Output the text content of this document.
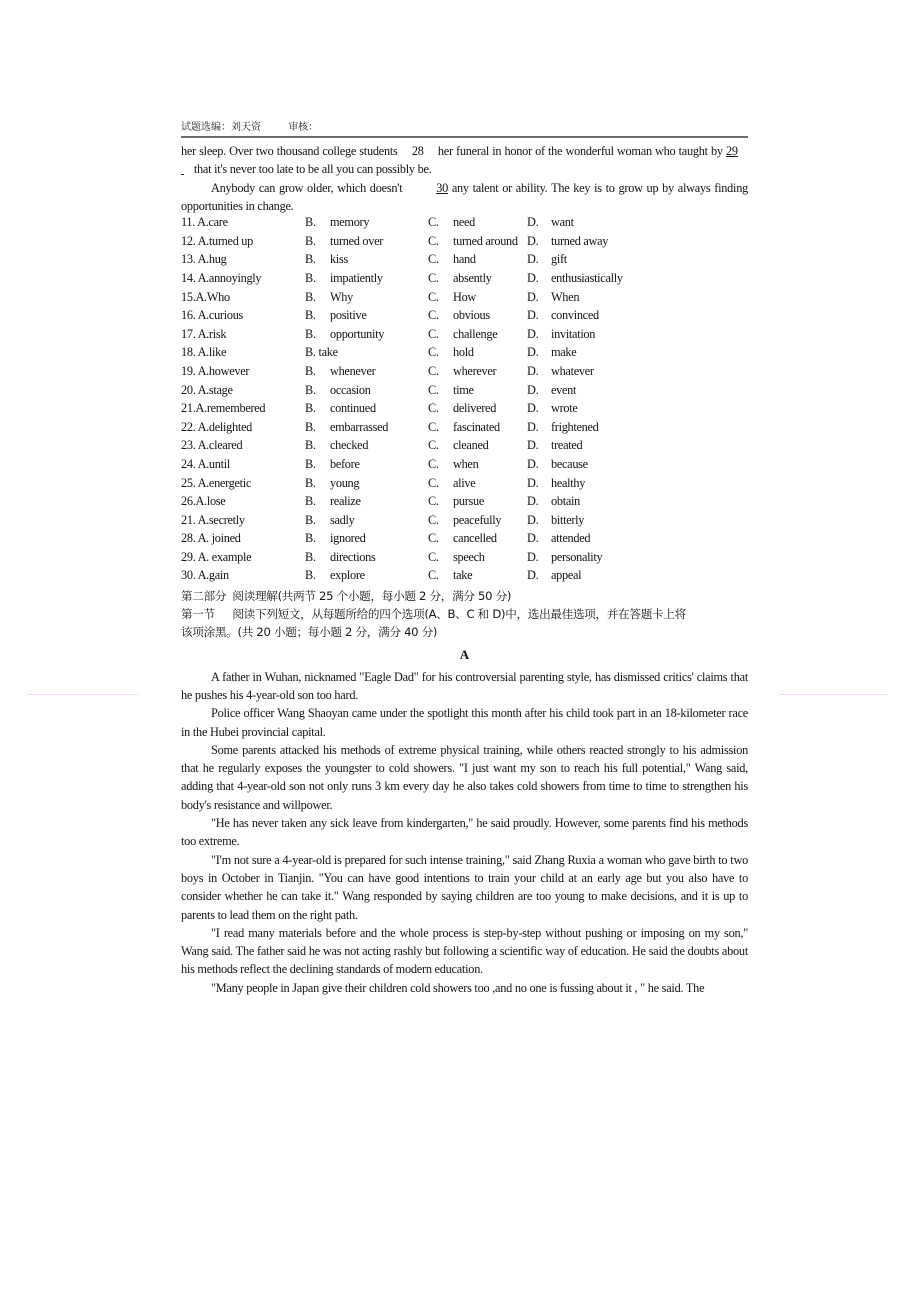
试题选编：刘天资	审核：

her sleep. Over two thousand college students 28 her funeral in honor of the wonderful woman who taught by 29  that it's never too late to be all you can possibly be.

Anybody can grow older, which doesn't	30 any talent or ability. The key is to grow up by always finding opportunities in change.

11. A.care	B. memory	C. need	D. want
12. A.turned up	B. turned over	C. turned around D. turned away
13. A.hug	B. kiss	C. hand	D. gift
14. A.annoyingly	B. impatiently	C. absently	D. enthusiastically
15.A.Who	B. Why	C. How	D. When
16. A.curious	B. positive	C. obvious	D. convinced
17. A.risk	B. opportunity	C. challenge D. invitation
18. A.like	B. take	C. hold	D. make
19. A.however	B. whenever	C. wherever D. whatever
20. A.stage	B. occasion	C. time	D. event
21.A.remembered	B. continued	C. delivered	D. wrote
22. A.delighted	B. embarrassed	C. fascinated D. frightened
23. A.cleared	B. checked	C. cleaned	D. treated
24. A.until	B. before	C. when	D. because
25. A.energetic	B. young	C. alive	D. healthy
26.A.lose	B. realize	C. pursue	D. obtain
21. A.secretly	B. sadly	C. peacefully D. bitterly
28. A. joined	B. ignored	C. cancelled D. attended
29. A. example	B. directions	C. speech	D. personality
30. A.gain	B. explore	C. take	D. appeal

第二部分 阅读理解(共两节 25 个小题，每小题 2 分，满分 50 分)

第一节 阅读下列短文，从每题所给的四个选项(A、B、C 和 D)中，选出最佳选项，并在答题卡上将
该项涂黑。(共 20 小题；每小题 2 分，满分 40 分)

A

A father in Wuhan, nicknamed "Eagle Dad" for his controversial parenting style, has dismissed critics' claims that he pushes his 4-year-old son too hard.

Police officer Wang Shaoyan came under the spotlight this month after his child took part in an 18-kilometer race in the Hubei provincial capital.

Some parents attacked his methods of extreme physical training, while others reacted strongly to his admission that he regularly exposes the youngster to cold showers. "I just want my son to reach his full potential," Wang said, adding that 4-year-old son not only runs 3 km every day he also takes cold showers from time to time to strengthen his body's resistance and willpower.

"He has never taken any sick leave from kindergarten," he said proudly. However, some parents find his methods too extreme.

"I'm not sure a 4-year-old is prepared for such intense training," said Zhang Ruxia a woman who gave birth to two boys in October in Tianjin. "You can have good intentions to train your child at an early age but you also have to consider whether he can take it." Wang responded by saying children are too young to make decisions, and it is up to parents to lead them on the right path.

"I read many materials before and the whole process is step-by-step without pushing or imposing on my son," Wang said. The father said he was not acting rashly but following a scientific way of education. He said the doubts about his methods reflect the declining standards of modern education.

"Many people in Japan give their children cold showers too ,and no one is fussing about it , " he said. The
